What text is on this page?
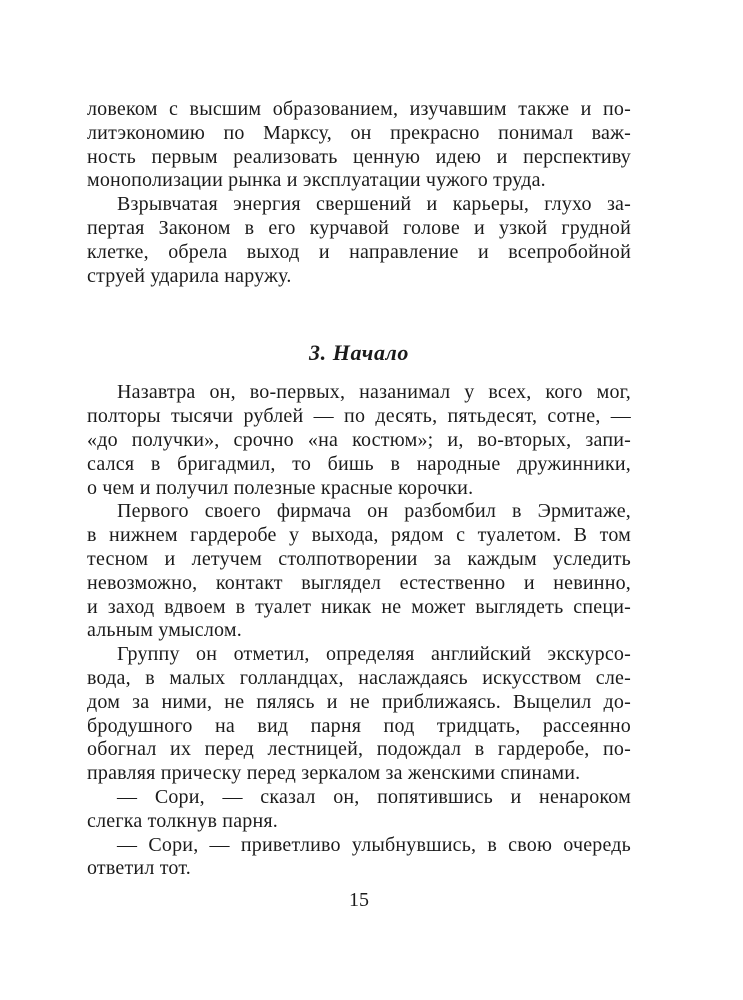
ловеком с высшим образованием, изучавшим также и по-
литэкономию по Марксу, он прекрасно понимал важ-
ность первым реализовать ценную идею и перспективу
монополизации рынка и эксплуатации чужого труда.
Взрывчатая энергия свершений и карьеры, глухо за-
пертая Законом в его курчавой голове и узкой грудной
клетке, обрела выход и направление и всепробойной
струей ударила наружу.
3. Начало
Назавтра он, во-первых, назанимал у всех, кого мог,
полторы тысячи рублей — по десять, пятьдесят, сотне, —
«до получки», срочно «на костюм»; и, во-вторых, запи-
сался в бригадмил, то бишь в народные дружинники,
о чем и получил полезные красные корочки.
Первого своего фирмача он разбомбил в Эрмитаже,
в нижнем гардеробе у выхода, рядом с туалетом. В том
тесном и летучем столпотворении за каждым уследить
невозможно, контакт выглядел естественно и невинно,
и заход вдвоем в туалет никак не может выглядеть специ-
альным умыслом.
Группу он отметил, определяя английский экскурсо-
вода, в малых голландцах, наслаждаясь искусством сле-
дом за ними, не пялясь и не приближаясь. Выцелил до-
бродушного на вид парня под тридцать, рассеянно
обогнал их перед лестницей, подождал в гардеробе, по-
правляя прическу перед зеркалом за женскими спинами.
— Сори, — сказал он, попятившись и ненароком
слегка толкнув парня.
— Сори, — приветливо улыбнувшись, в свою очередь
ответил тот.
15
